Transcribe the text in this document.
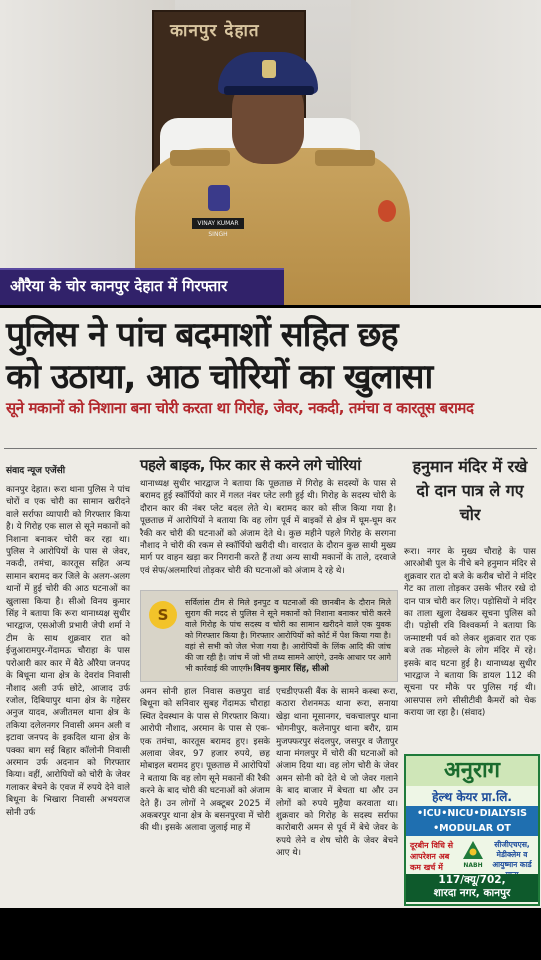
कानपुर देहात
VINAY KUMAR SINGH
औरैया के चोर कानपुर देहात में गिरफ्तार
पुलिस ने पांच बदमाशों सहित छह
को उठाया, आठ चोरियों का खुलासा
सूने मकानों को निशाना बना चोरी करता था गिरोह, जेवर, नकदी, तमंचा व कारतूस बरामद
संवाद न्यूज एजेंसी

कानपुर देहात। रूरा थाना पुलिस ने पांच चोरों व एक चोरी का सामान खरीदने वाले सर्राफा व्यापारी को गिरफ्तार किया है। ये गिरोह एक साल से सूने मकानों को निशाना बनाकर चोरी कर रहा था। पुलिस ने आरोपियों के पास से जेवर, नकदी, तमंचा, कारतूस सहित अन्य सामान बरामद कर जिले के अलग-अलग थानों में हुई चोरी की आठ घटनाओं का खुलासा किया है। सीओ विनय कुमार सिंह ने बताया कि रूरा थानाध्यक्ष सुधीर भारद्वाज, एसओजी प्रभारी जेपी शर्मा ने टीम के साथ शुक्रवार रात को ईजुआरामपुर-गेंदामऊ चौराहा के पास परोआरी कार कार में बैठे औरैया जनपद के बिधूना थाना क्षेत्र के देवरांव निवासी नौशाद अली उर्फ छोटे, आजाद उर्फ रजोल, दिबियापुर थाना क्षेत्र के गहेसर अनुज यादव, अजीतमल थाना क्षेत्र के तकिया दलेलनगर निवासी अमन अली व इटावा जनपद के इकदिल थाना क्षेत्र के पक्का बाग सर्ई बिहार कॉलोनी निवासी अरमान उर्फ अदनान को गिरफ्तार किया। वहीं, आरोपियों को चोरी के जेवर गलाकर बेचने के एवज में रुपये देने वाले बिधूना के भिखारा निवासी अभयराज सोनी उर्फ

पहले बाइक, फिर कार से करने लगे चोरियां

थानाध्यक्ष सुधीर भारद्वाज ने बताया कि पूछताछ में गिरोह के सदस्यों के पास से बरामद हुई स्कॉर्पियो कार में गलत नंबर प्लेट लगी हुई थी। गिरोह के सदस्य चोरी के दौरान कार की नंबर प्लेट बदल लेते थे। बरामद कार को सीज किया गया है। पूछताछ में आरोपियों ने बताया कि वह लोग पूर्व में बाइकों से क्षेत्र में घूम-घूम कर रैकी कर चोरी की घटनाओं को अंजाम देते थे। कुछ महीने पहले गिरोह के सरगना नौशाद ने चोरी की रकम से स्कॉर्पियो खरीदी थी। वारदात के दौरान कुछ साथी मुख्य मार्ग पर वाहन खड़ा कर निगरानी करते हैं तथा अन्य साथी मकानों के ताले, दरवाजे एवं सेफ/अलमारियां तोड़कर चोरी की घटनाओं को अंजाम दे रहे थे।

S
सर्विलांस टीम से मिले इनपुट व घटनाओं की छानबीन के दौरान मिले सुराग की मदद से पुलिस ने सूने मकानों को निशाना बनाकर चोरी करने वाले गिरोह के पांच सदस्य व चोरी का सामान खरीदने वाले एक युवक को गिरफ्तार किया है। गिरफ्तार आरोपियों को कोर्ट में पेश किया गया है। वहां से सभी को जेल भेजा गया है। आरोपियों के लिंक आदि की जांच की जा रही है। जांच में जो भी तथ्य सामने आएंगे, उनके आधार पर आगे भी कार्रवाई की जाएगी।
- विनय कुमार सिंह, सीओ

अमन सोनी हाल निवास कछपुरा वार्ड बिधूना को सनिवार सुबह गेंदामऊ चौराहा स्थित देवस्थान के पास से गिरफ्तार किया। आरोपी नौशाद, अरमान के पास से एक-एक तमंचा, कारतूस बरामद हुए। इसके अलावा जेवर, 97 हजार रुपये, छह मोबाइल बरामद हुए। पूछताछ में आरोपियों ने बताया कि वह लोग सूने मकानों की रैकी करने के बाद चोरी की घटनाओं को अंजाम देते हैं। उन लोगों ने अक्टूबर 2025 में अकबरपुर थाना क्षेत्र के बसनपुरवा में चोरी की थी। इसके अलावा जुलाई माह में

एचडीएफसी बैंक के सामने कस्बा रूरा, कठारा रोशनमऊ थाना रूरा, सनाया खेड़ा थाना मूसानगर, चकचालपुर थाना भोगनीपुर, कलेनापुर थाना बरौर, ग्राम मुजफ्फरपुर संदलपुर, जसपुर व जैतापुर थाना मंगलपुर में चोरी की घटनाओं को अंजाम दिया था। वह लोग चोरी के जेवर अमन सोनी को देते थे जो जेवर गलाने के बाद बाजार में बेचता था और उन लोगों को रुपये मुहैया करवाता था। शुक्रवार को गिरोह के सदस्य सर्राफा कारोबारी अमन से पूर्व में बेचे जेवर के रुपये लेने व शेष चोरी के जेवर बेचने आए थे।

हनुमान मंदिर में रखे दो दान पात्र ले गए चोर

रूरा। नगर के मुख्य चौराहे के पास आरओबी पुल के नीचे बने हनुमान मंदिर से शुक्रवार रात दो बजे के करीब चोरों ने मंदिर गेट का ताला तोड़कर उसके भीतर रखे दो दान पात्र चोरी कर लिए। पड़ोसियों ने मंदिर का ताला खुला देखकर सूचना पुलिस को दी। पड़ोसी रवि विश्वकर्मा ने बताया कि जन्माष्टमी पर्व को लेकर शुक्रवार रात एक बजे तक मोहल्ले के लोग मंदिर में रहे। इसके बाद घटना हुई है। थानाध्यक्ष सुधीर भारद्वाज ने बताया कि डायल 112 की सूचना पर मौके पर पुलिस गई थी। आसपास लगे सीसीटीवी कैमरों को चेक कराया जा रहा है। (संवाद)

अनुराग
हेल्थ केयर प्रा.लि.
•ICU•NICU•DIALYSIS
•MODULAR OT
दूरबीन विधि से आपरेशन अब कम खर्च में	NABH
सीजीएचएस, मेडीक्लेम व आयुष्मान कार्ड
117/क्यू/702,
शारदा नगर, कानपुर
